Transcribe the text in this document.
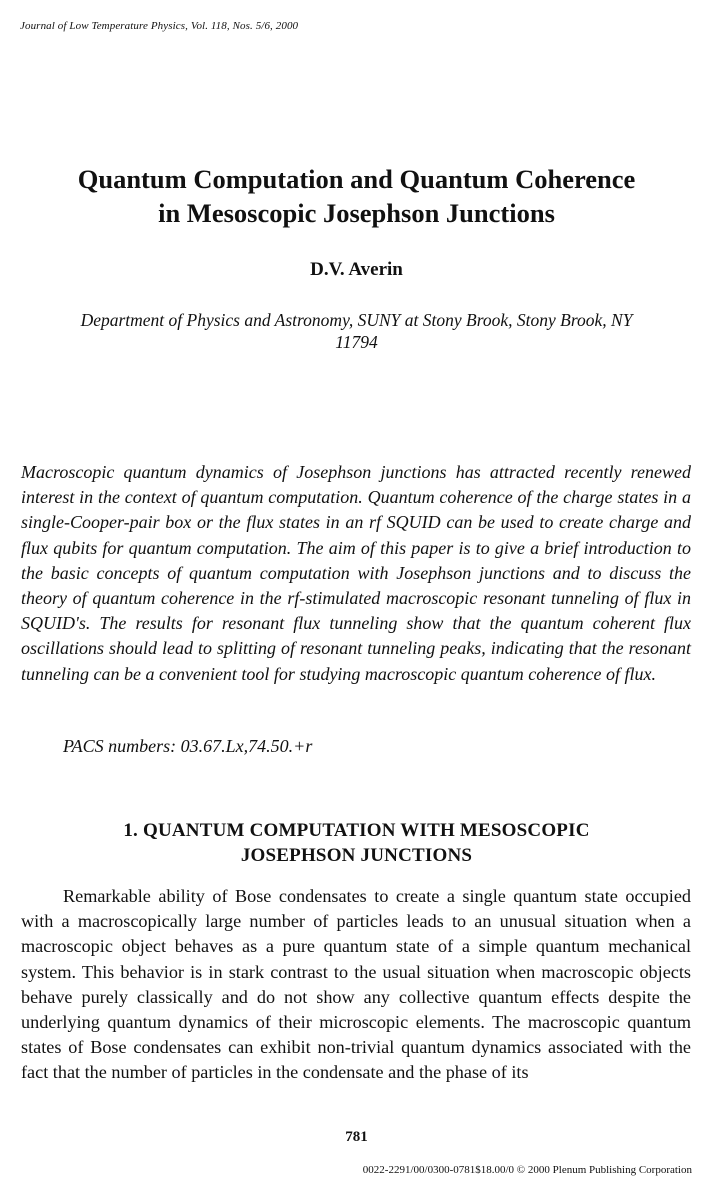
Journal of Low Temperature Physics, Vol. 118, Nos. 5/6, 2000
Quantum Computation and Quantum Coherence
in Mesoscopic Josephson Junctions
D.V. Averin
Department of Physics and Astronomy, SUNY at Stony Brook, Stony Brook, NY
11794
Macroscopic quantum dynamics of Josephson junctions has attracted recently renewed interest in the context of quantum computation. Quantum coherence of the charge states in a single-Cooper-pair box or the flux states in an rf SQUID can be used to create charge and flux qubits for quantum computation. The aim of this paper is to give a brief introduction to the basic concepts of quantum computation with Josephson junctions and to discuss the theory of quantum coherence in the rf-stimulated macroscopic resonant tunneling of flux in SQUID's. The results for resonant flux tunneling show that the quantum coherent flux oscillations should lead to splitting of resonant tunneling peaks, indicating that the resonant tunneling can be a convenient tool for studying macroscopic quantum coherence of flux.
PACS numbers: 03.67.Lx,74.50.+r
1. QUANTUM COMPUTATION WITH MESOSCOPIC
JOSEPHSON JUNCTIONS
Remarkable ability of Bose condensates to create a single quantum state occupied with a macroscopically large number of particles leads to an unusual situation when a macroscopic object behaves as a pure quantum state of a simple quantum mechanical system. This behavior is in stark contrast to the usual situation when macroscopic objects behave purely classically and do not show any collective quantum effects despite the underlying quantum dynamics of their microscopic elements. The macroscopic quantum states of Bose condensates can exhibit non-trivial quantum dynamics associated with the fact that the number of particles in the condensate and the phase of its
781
0022-2291/00/0300-0781$18.00/0 © 2000 Plenum Publishing Corporation
